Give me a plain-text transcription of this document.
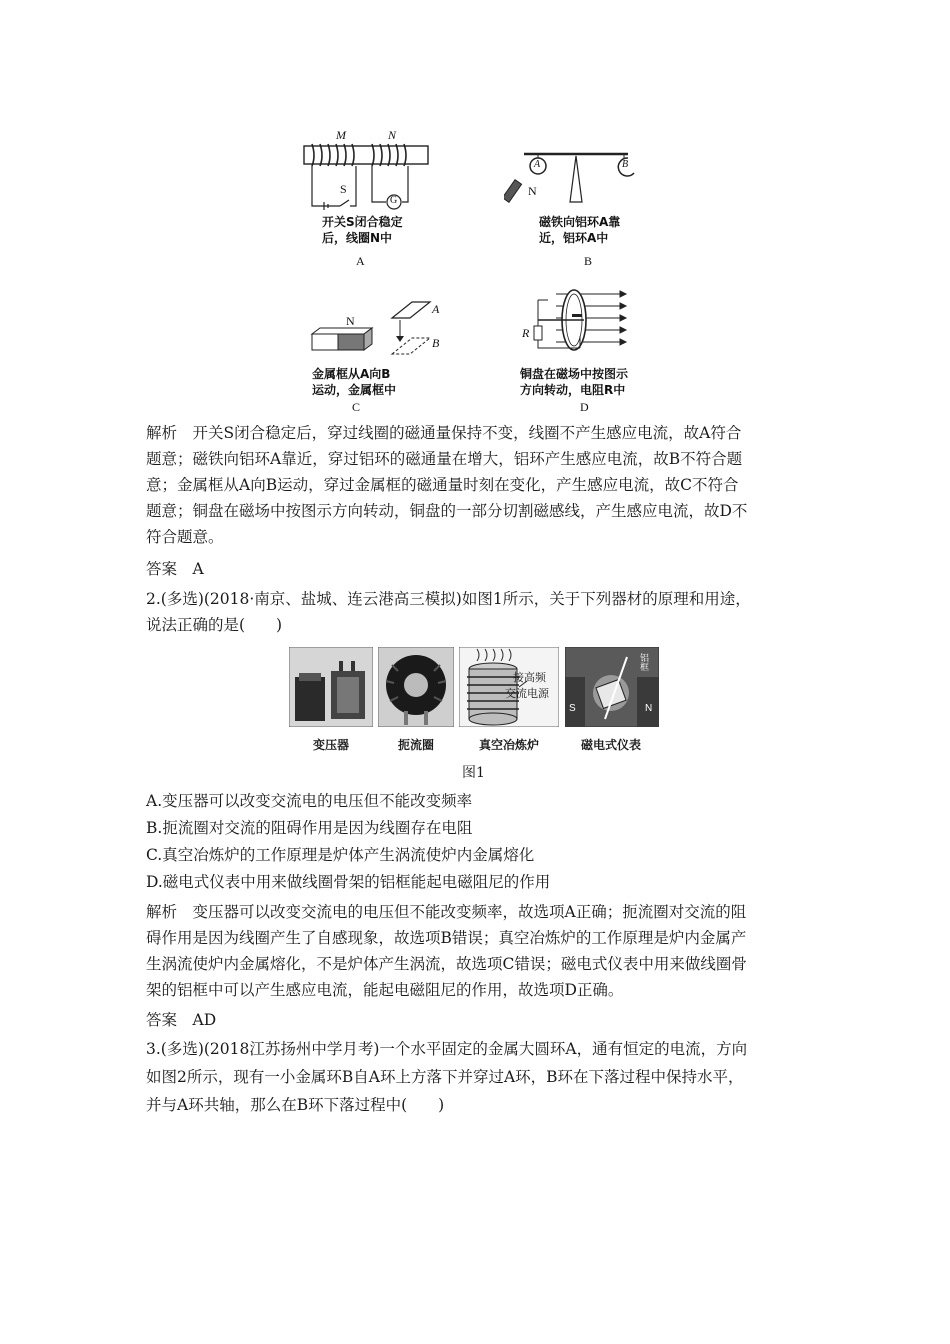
M	N
S
G
开关S闭合稳定
后，线圈N中
A
A	B
N
磁铁向铝环A靠
近，铝环A中
B
N
A
B
金属框从A向B
运动，金属框中
C
R
铜盘在磁场中按图示
方向转动，电阻R中
D
解析　开关S闭合稳定后，穿过线圈的磁通量保持不变，线圈不产生感应电流，故A符合
题意；磁铁向铝环A靠近，穿过铝环的磁通量在增大，铝环产生感应电流，故B不符合题
意；金属框从A向B运动，穿过金属框的磁通量时刻在变化，产生感应电流，故C不符合
题意；铜盘在磁场中按图示方向转动，铜盘的一部分切割磁感线，产生感应电流，故D不
符合题意。
答案　A
2.(多选)(2018·南京、盐城、连云港高三模拟)如图1所示，关于下列器材的原理和用途，
说法正确的是(　　)
接高频
交流电源
铝框
S	N
变压器	扼流圈	真空冶炼炉	磁电式仪表
图1
A.变压器可以改变交流电的电压但不能改变频率
B.扼流圈对交流的阻碍作用是因为线圈存在电阻
C.真空冶炼炉的工作原理是炉体产生涡流使炉内金属熔化
D.磁电式仪表中用来做线圈骨架的铝框能起电磁阻尼的作用
解析　变压器可以改变交流电的电压但不能改变频率，故选项A正确；扼流圈对交流的阻
碍作用是因为线圈产生了自感现象，故选项B错误；真空冶炼炉的工作原理是炉内金属产
生涡流使炉内金属熔化，不是炉体产生涡流，故选项C错误；磁电式仪表中用来做线圈骨
架的铝框中可以产生感应电流，能起电磁阻尼的作用，故选项D正确。
答案　AD
3.(多选)(2018江苏扬州中学月考)一个水平固定的金属大圆环A，通有恒定的电流，方向
如图2所示，现有一小金属环B自A环上方落下并穿过A环，B环在下落过程中保持水平，
并与A环共轴，那么在B环下落过程中(　　)
